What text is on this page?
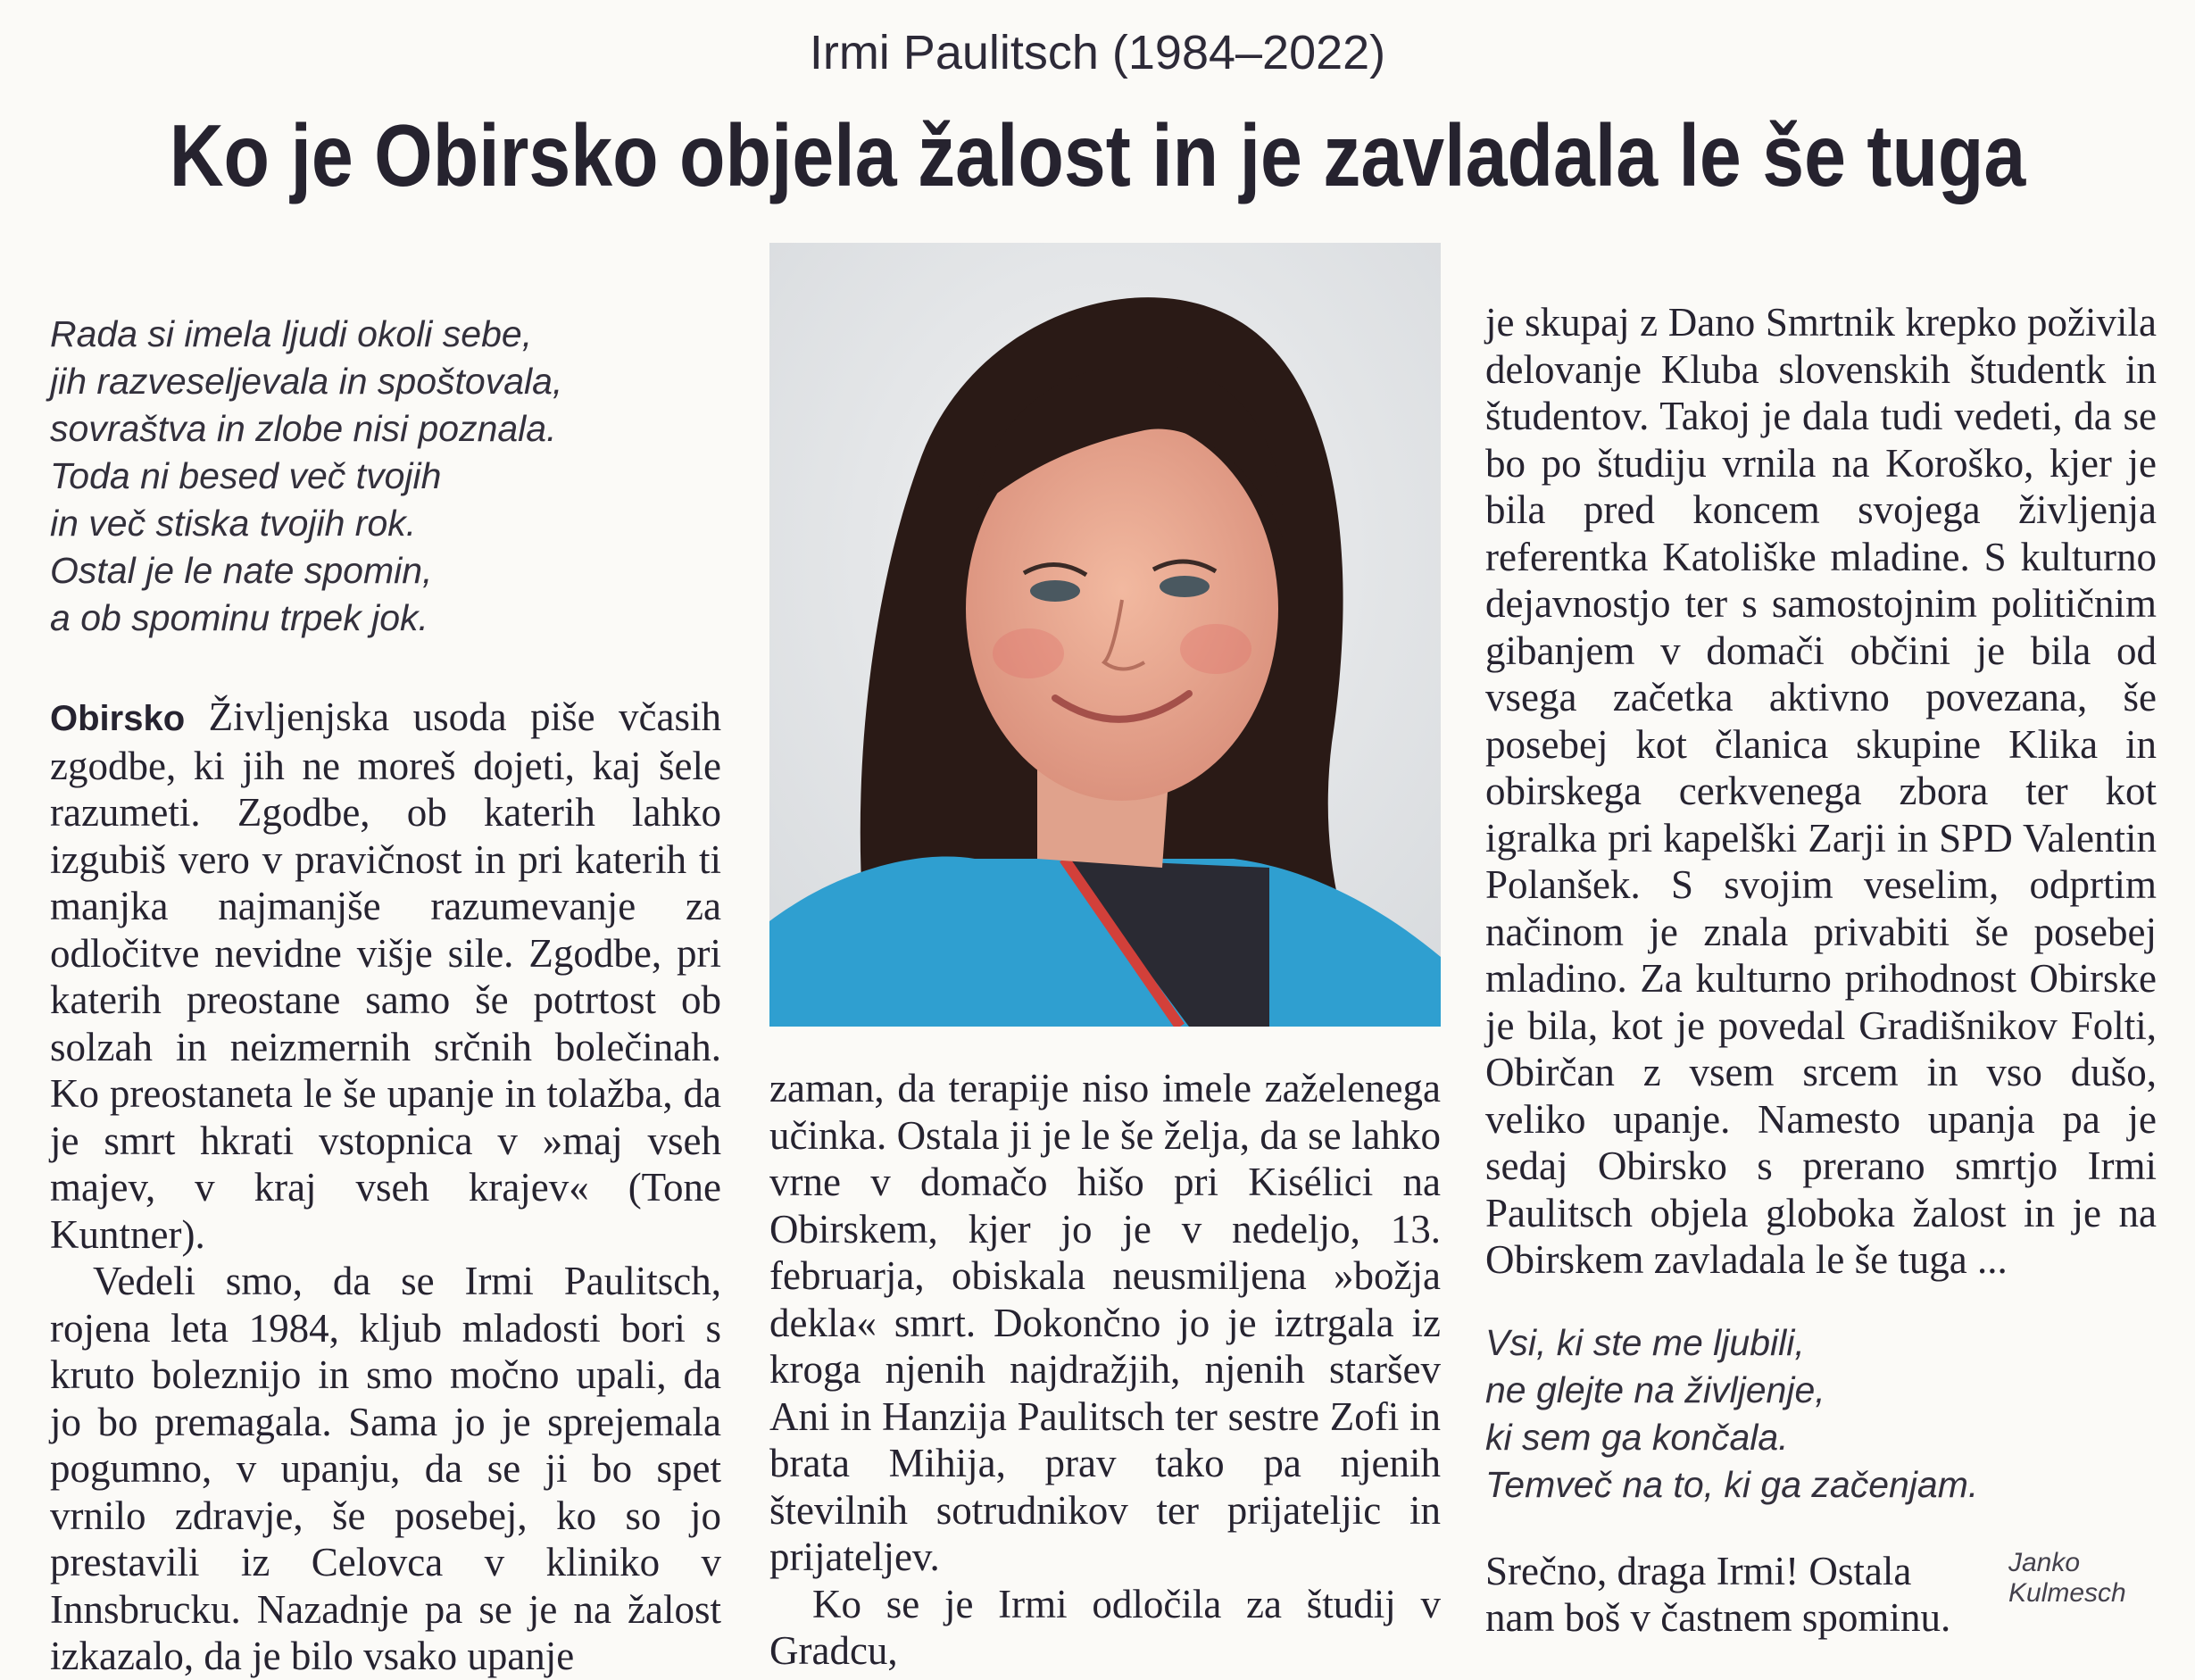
Irmi Paulitsch (1984–2022)
Ko je Obirsko objela žalost in je zavladala le še tuga
Rada si imela ljudi okoli sebe,
jih razveseljevala in spoštovala,
sovraštva in zlobe nisi poznala.
Toda ni besed več tvojih
in več stiska tvojih rok.
Ostal je le nate spomin,
a ob spominu trpek jok.

Obirsko Življenjska usoda piše včasih zgodbe, ki jih ne moreš dojeti, kaj šele razumeti. Zgodbe, ob katerih lahko izgubiš vero v pravičnost in pri katerih ti manjka najmanjše razumevanje za odločitve nevidne višje sile. Zgodbe, pri katerih preostane samo še potrtost ob solzah in neizmernih srčnih bolečinah. Ko preostaneta le še upanje in tolažba, da je smrt hkrati vstopnica v »maj vseh majev, v kraj vseh krajev« (Tone Kuntner).

Vedeli smo, da se Irmi Paulitsch, rojena leta 1984, kljub mladosti bori s kruto boleznijo in smo močno upali, da jo bo premagala. Sama jo je sprejemala pogumno, v upanju, da se ji bo spet vrnilo zdravje, še posebej, ko so jo prestavili iz Celovca v kliniko v Innsbrucku. Nazadnje pa se je na žalost izkazalo, da je bilo vsako upanje

zaman, da terapije niso imele zaželenega učinka. Ostala ji je le še želja, da se lahko vrne v domačo hišo pri Kisélici na Obirskem, kjer jo je v nedeljo, 13. februarja, obiskala neusmiljena »božja dekla« smrt. Dokončno jo je iztrgala iz kroga njenih najdražjih, njenih staršev Ani in Hanzija Paulitsch ter sestre Zofi in brata Mihija, prav tako pa njenih številnih sotrudnikov ter prijateljic in prijateljev.

Ko se je Irmi odločila za študij v Gradcu,

je skupaj z Dano Smrtnik krepko poživila delovanje Kluba slovenskih študentk in študentov. Takoj je dala tudi vedeti, da se bo po študiju vrnila na Koroško, kjer je bila pred koncem svojega življenja referentka Katoliške mladine. S kulturno dejavnostjo ter s samostojnim političnim gibanjem v domači občini je bila od vsega začetka aktivno povezana, še posebej kot članica skupine Klika in obirskega cerkvenega zbora ter kot igralka pri kapelški Zarji in SPD Valentin Polanšek. S svojim veselim, odprtim načinom je znala privabiti še posebej mladino. Za kulturno prihodnost Obirske je bila, kot je povedal Gradišnikov Folti, Obirčan z vsem srcem in vso dušo, veliko upanje. Namesto upanja pa je sedaj Obirsko s prerano smrtjo Irmi Paulitsch objela globoka žalost in je na Obirskem zavladala le še tuga ...

Vsi, ki ste me ljubili,
ne glejte na življenje,
ki sem ga končala.
Temveč na to, ki ga začenjam.

Srečno, draga Irmi! Ostala nam boš v častnem spominu.

Janko Kulmesch
